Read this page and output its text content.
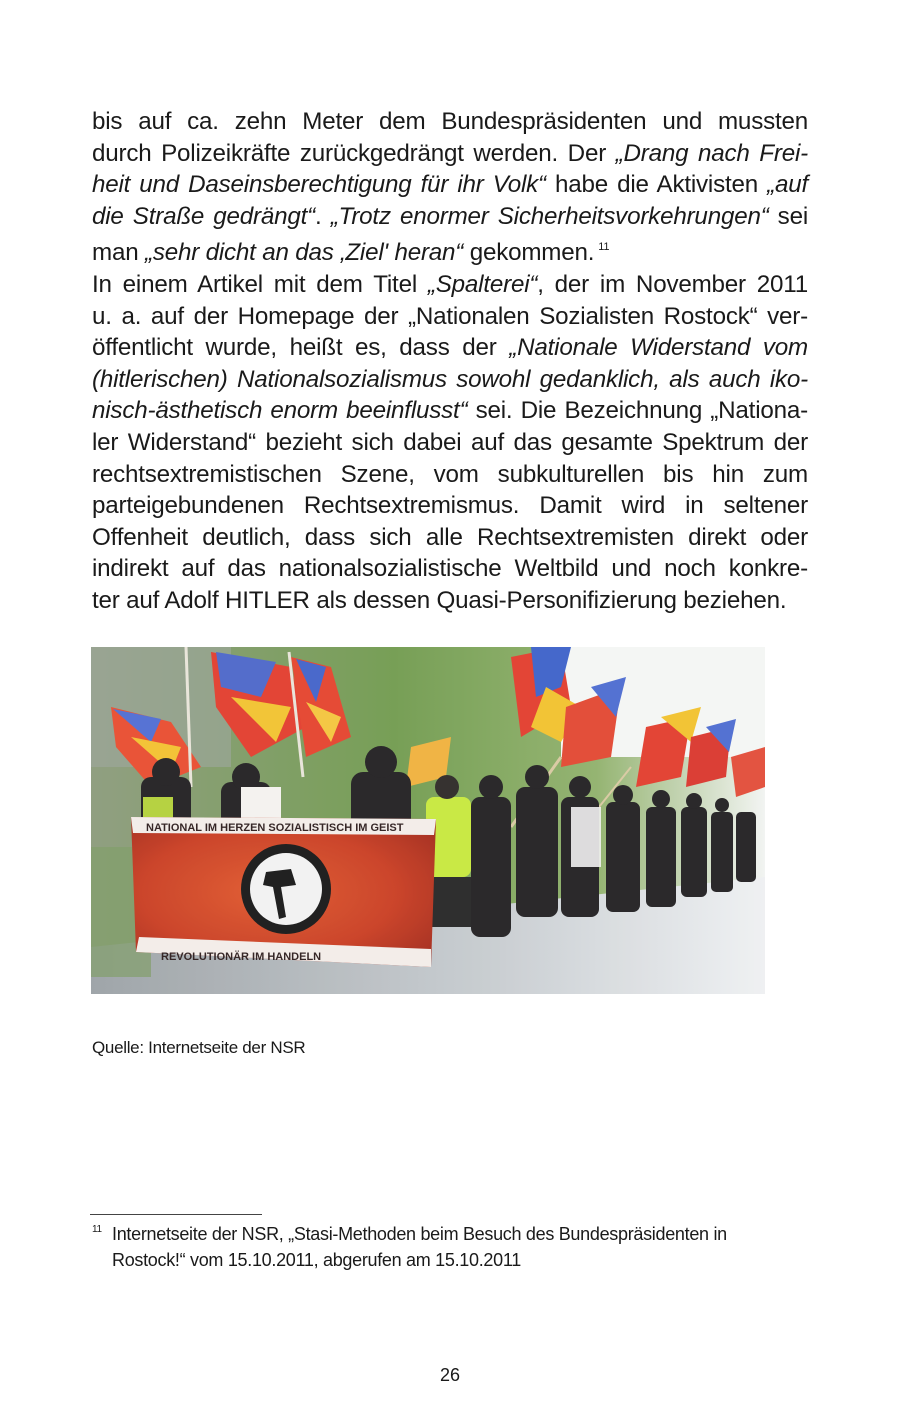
bis auf ca. zehn Meter dem Bundespräsidenten und mussten
durch Polizeikräfte zurückgedrängt werden. Der „Drang nach Frei-
heit und Daseinsberechtigung für ihr Volk“ habe die Aktivisten „auf
die Straße gedrängt“. „Trotz enormer Sicherheitsvorkehrungen“ sei
man „sehr dicht an das ‚Ziel' heran“ gekommen. $^{11}$
In einem Artikel mit dem Titel „Spalterei“, der im November 2011
u. a. auf der Homepage der „Nationalen Sozialisten Rostock“ ver-
öffentlicht wurde, heißt es, dass der „Nationale Widerstand vom
(hitlerischen) Nationalsozialismus sowohl gedanklich, als auch iko-
nisch-ästhetisch enorm beeinflusst“ sei. Die Bezeichnung „Nationa-
ler Widerstand“ bezieht sich dabei auf das gesamte Spektrum der
rechtsextremistischen Szene, vom subkulturellen bis hin zum
parteigebundenen Rechtsextremismus. Damit wird in seltener
Offenheit deutlich, dass sich alle Rechtsextremisten direkt oder
indirekt auf das nationalsozialistische Weltbild und noch konkre-
ter auf Adolf HITLER als dessen Quasi-Personifizierung beziehen.
NATIONAL IM HERZEN SOZIALISTISCH IM GEIST
REVOLUTIONÄR IM HANDELN
Quelle: Internetseite der NSR
11 Internetseite der NSR, „Stasi-Methoden beim Besuch des Bundespräsidenten in
Rostock!“ vom 15.10.2011, abgerufen am 15.10.2011
26
